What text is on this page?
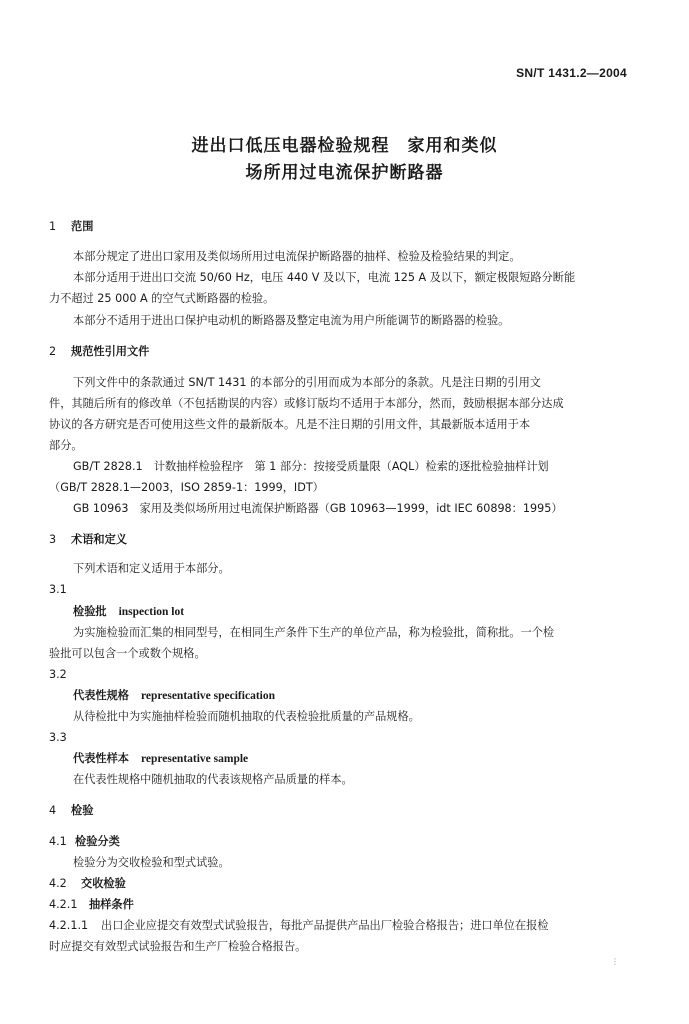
SN/T 1431.2—2004
进出口低压电器检验规程 家用和类似
场所用过电流保护断路器
1 范围
本部分规定了进出口家用及类似场所用过电流保护断路器的抽样、检验及检验结果的判定。
本部分适用于进出口交流 50/60 Hz，电压 440 V 及以下，电流 125 A 及以下，额定极限短路分断能
力不超过 25 000 A 的空气式断路器的检验。
本部分不适用于进出口保护电动机的断路器及整定电流为用户所能调节的断路器的检验。
2 规范性引用文件
下列文件中的条款通过 SN/T 1431 的本部分的引用而成为本部分的条款。凡是注日期的引用文
件，其随后所有的修改单（不包括勘误的内容）或修订版均不适用于本部分，然而，鼓励根据本部分达成
协议的各方研究是否可使用这些文件的最新版本。凡是不注日期的引用文件，其最新版本适用于本
部分。
GB/T 2828.1　计数抽样检验程序　第 1 部分：按接受质量限（AQL）检索的逐批检验抽样计划
（GB/T 2828.1—2003，ISO 2859-1：1999，IDT）
GB 10963　家用及类似场所用过电流保护断路器（GB 10963—1999，idt IEC 60898：1995）
3 术语和定义
下列术语和定义适用于本部分。
3.1
检验批 inspection lot
为实施检验而汇集的相同型号，在相同生产条件下生产的单位产品，称为检验批，简称批。一个检
验批可以包含一个或数个规格。
3.2
代表性规格 representative specification
从待检批中为实施抽样检验而随机抽取的代表检验批质量的产品规格。
3.3
代表性样本 representative sample
在代表性规格中随机抽取的代表该规格产品质量的样本。
4 检验
4.1 检验分类
检验分为交收检验和型式试验。
4.2 交收检验
4.2.1 抽样条件
4.2.1.1 出口企业应提交有效型式试验报告，每批产品提供产品出厂检验合格报告；进口单位在报检
时应提交有效型式试验报告和生产厂检验合格报告。
⋮
